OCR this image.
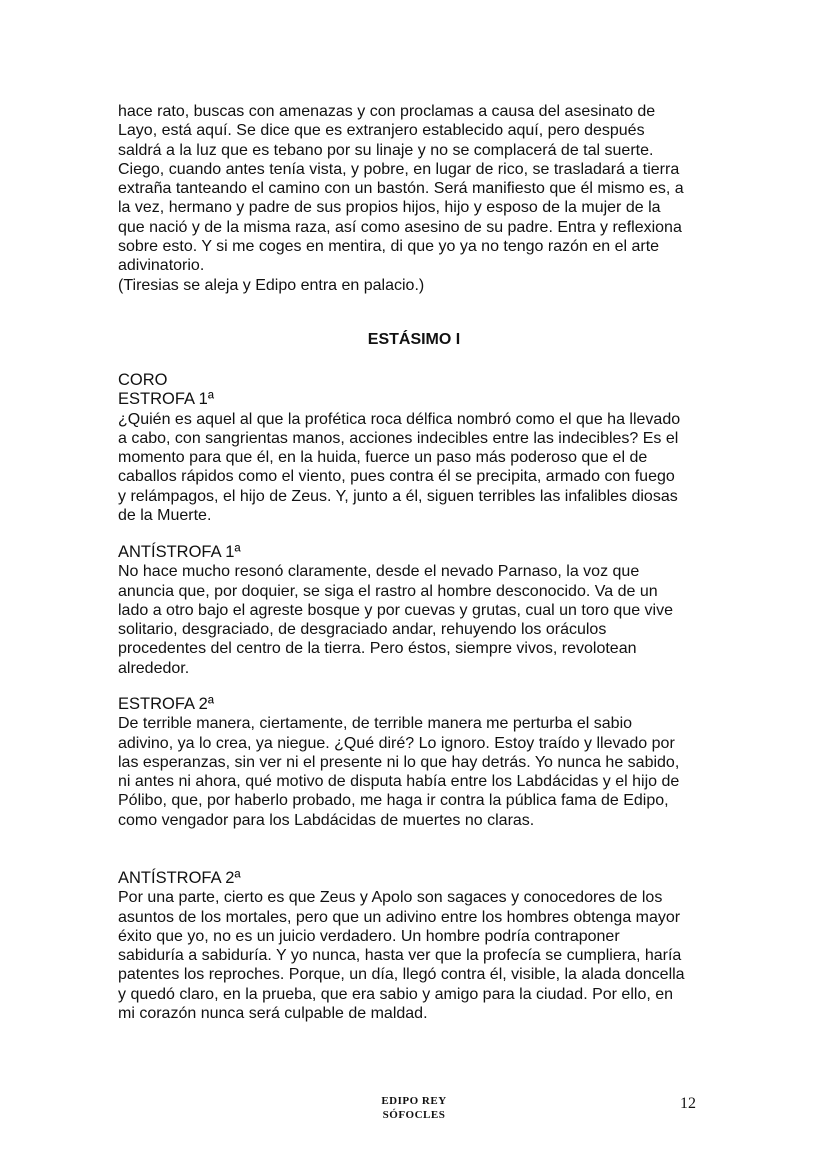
hace rato, buscas con amenazas y con proclamas a causa del asesinato de
Layo, está aquí. Se dice que es extranjero establecido aquí, pero después
saldrá a la luz que es tebano por su linaje y no se complacerá de tal suerte.
Ciego, cuando antes tenía vista, y pobre, en lugar de rico, se trasladará a tierra
extraña tanteando el camino con un bastón. Será manifiesto que él mismo es, a
la vez, hermano y padre de sus propios hijos, hijo y esposo de la mujer de la
que nació y de la misma raza, así como asesino de su padre. Entra y reflexiona
sobre esto. Y si me coges en mentira, di que yo ya no tengo razón en el arte
adivinatorio.
(Tiresias se aleja y Edipo entra en palacio.)
ESTÁSIMO I
CORO
ESTROFA 1ª
¿Quién es aquel al que la profética roca délfica nombró como el que ha llevado
a cabo, con sangrientas manos, acciones indecibles entre las indecibles? Es el
momento para que él, en la huida, fuerce un paso más poderoso que el de
caballos rápidos como el viento, pues contra él se precipita, armado con fuego
y relámpagos, el hijo de Zeus. Y, junto a él, siguen terribles las infalibles diosas
de la Muerte.
ANTÍSTROFA 1ª
No hace mucho resonó claramente, desde el nevado Parnaso, la voz que
anuncia que, por doquier, se siga el rastro al hombre desconocido. Va de un
lado a otro bajo el agreste bosque y por cuevas y grutas, cual un toro que vive
solitario, desgraciado, de desgraciado andar, rehuyendo los oráculos
procedentes del centro de la tierra. Pero éstos, siempre vivos, revolotean
alrededor.
ESTROFA 2ª
De terrible manera, ciertamente, de terrible manera me perturba el sabio
adivino, ya lo crea, ya niegue. ¿Qué diré? Lo ignoro. Estoy traído y llevado por
las esperanzas, sin ver ni el presente ni lo que hay detrás. Yo nunca he sabido,
ni antes ni ahora, qué motivo de disputa había entre los Labdácidas y el hijo de
Pólibo, que, por haberlo probado, me haga ir contra la pública fama de Edipo,
como vengador para los Labdácidas de muertes no claras.
ANTÍSTROFA 2ª
Por una parte, cierto es que Zeus y Apolo son sagaces y conocedores de los
asuntos de los mortales, pero que un adivino entre los hombres obtenga mayor
éxito que yo, no es un juicio verdadero. Un hombre podría contraponer
sabiduría a sabiduría. Y yo nunca, hasta ver que la profecía se cumpliera, haría
patentes los reproches. Porque, un día, llegó contra él, visible, la alada doncella
y quedó claro, en la prueba, que era sabio y amigo para la ciudad. Por ello, en
mi corazón nunca será culpable de maldad.
EDIPO REY
SÓFOCLES
12
